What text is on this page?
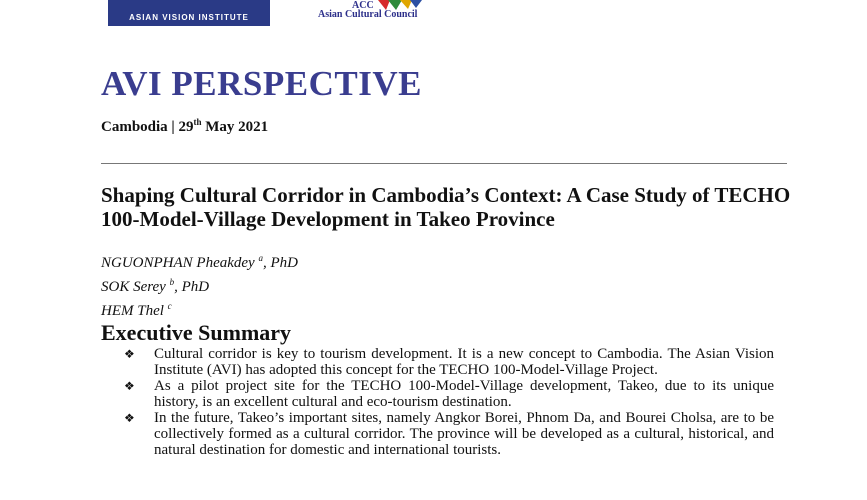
ASIAN VISION INSTITUTE
ACC
Asian Cultural Council
AVI PERSPECTIVE

Cambodia | 29th May 2021

Shaping Cultural Corridor in Cambodia’s Context: A Case Study of TECHO 100-Model-Village Development in Takeo Province
NGUONPHAN Pheakdey $^a$, PhD
SOK Serey $^b$, PhD
HEM Thel $^c$
Executive Summary
❖ Cultural corridor is key to tourism development. It is a new concept to Cambodia. The Asian Vision Institute (AVI) has adopted this concept for the TECHO 100-Model-Village Project.
❖ As a pilot project site for the TECHO 100-Model-Village development, Takeo, due to its unique history, is an excellent cultural and eco-tourism destination.
❖ In the future, Takeo’s important sites, namely Angkor Borei, Phnom Da, and Bourei Cholsa, are to be collectively formed as a cultural corridor. The province will be developed as a cultural, historical, and natural destination for domestic and international tourists.
